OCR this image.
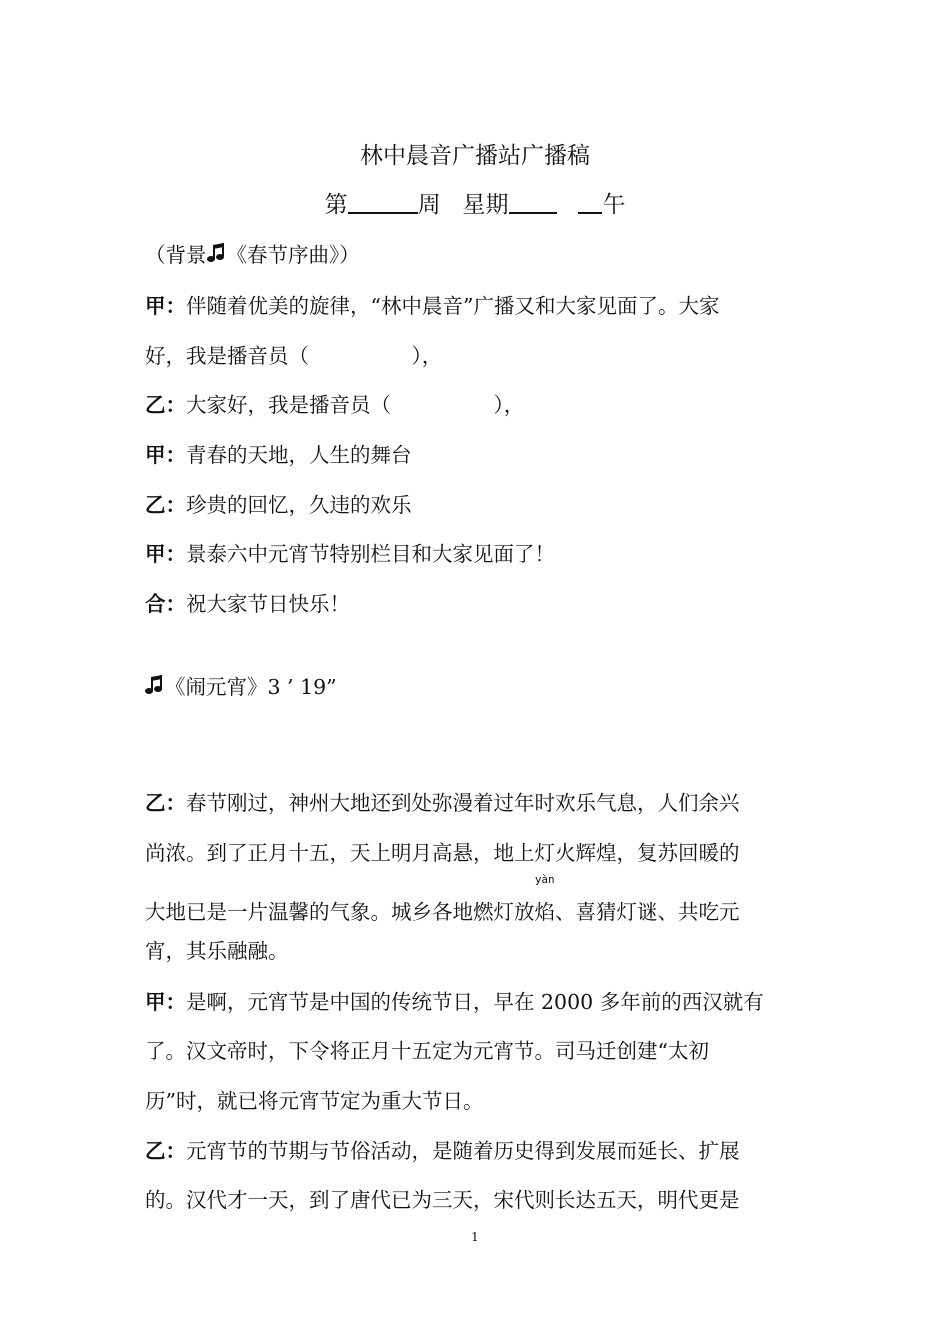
林中晨音广播站广播稿
第	周 星期	午
（背景 《春节序曲》）
甲：伴随着优美的旋律，“林中晨音”广播又和大家见面了。大家
好，我是播音员（　　　　　），
乙：大家好，我是播音员（　　　　　），
甲：青春的天地，人生的舞台
乙：珍贵的回忆，久违的欢乐
甲：景泰六中元宵节特别栏目和大家见面了！
合：祝大家节日快乐！
《闹元宵》3 ’ 19”
乙：春节刚过，神州大地还到处弥漫着过年时欢乐气息，人们余兴
尚浓。到了正月十五，天上明月高悬，地上灯火辉煌，复苏回暖的
大地已是一片温馨的气象。城乡各地燃灯放
yàn
焰、喜猜灯谜、共吃元
宵，其乐融融。
甲：是啊，元宵节是中国的传统节日，早在 2000 多年前的西汉就有
了。汉文帝时，下令将正月十五定为元宵节。司马迁创建“太初
历”时，就已将元宵节定为重大节日。
乙：元宵节的节期与节俗活动，是随着历史得到发展而延长、扩展
的。汉代才一天，到了唐代已为三天，宋代则长达五天，明代更是
1
